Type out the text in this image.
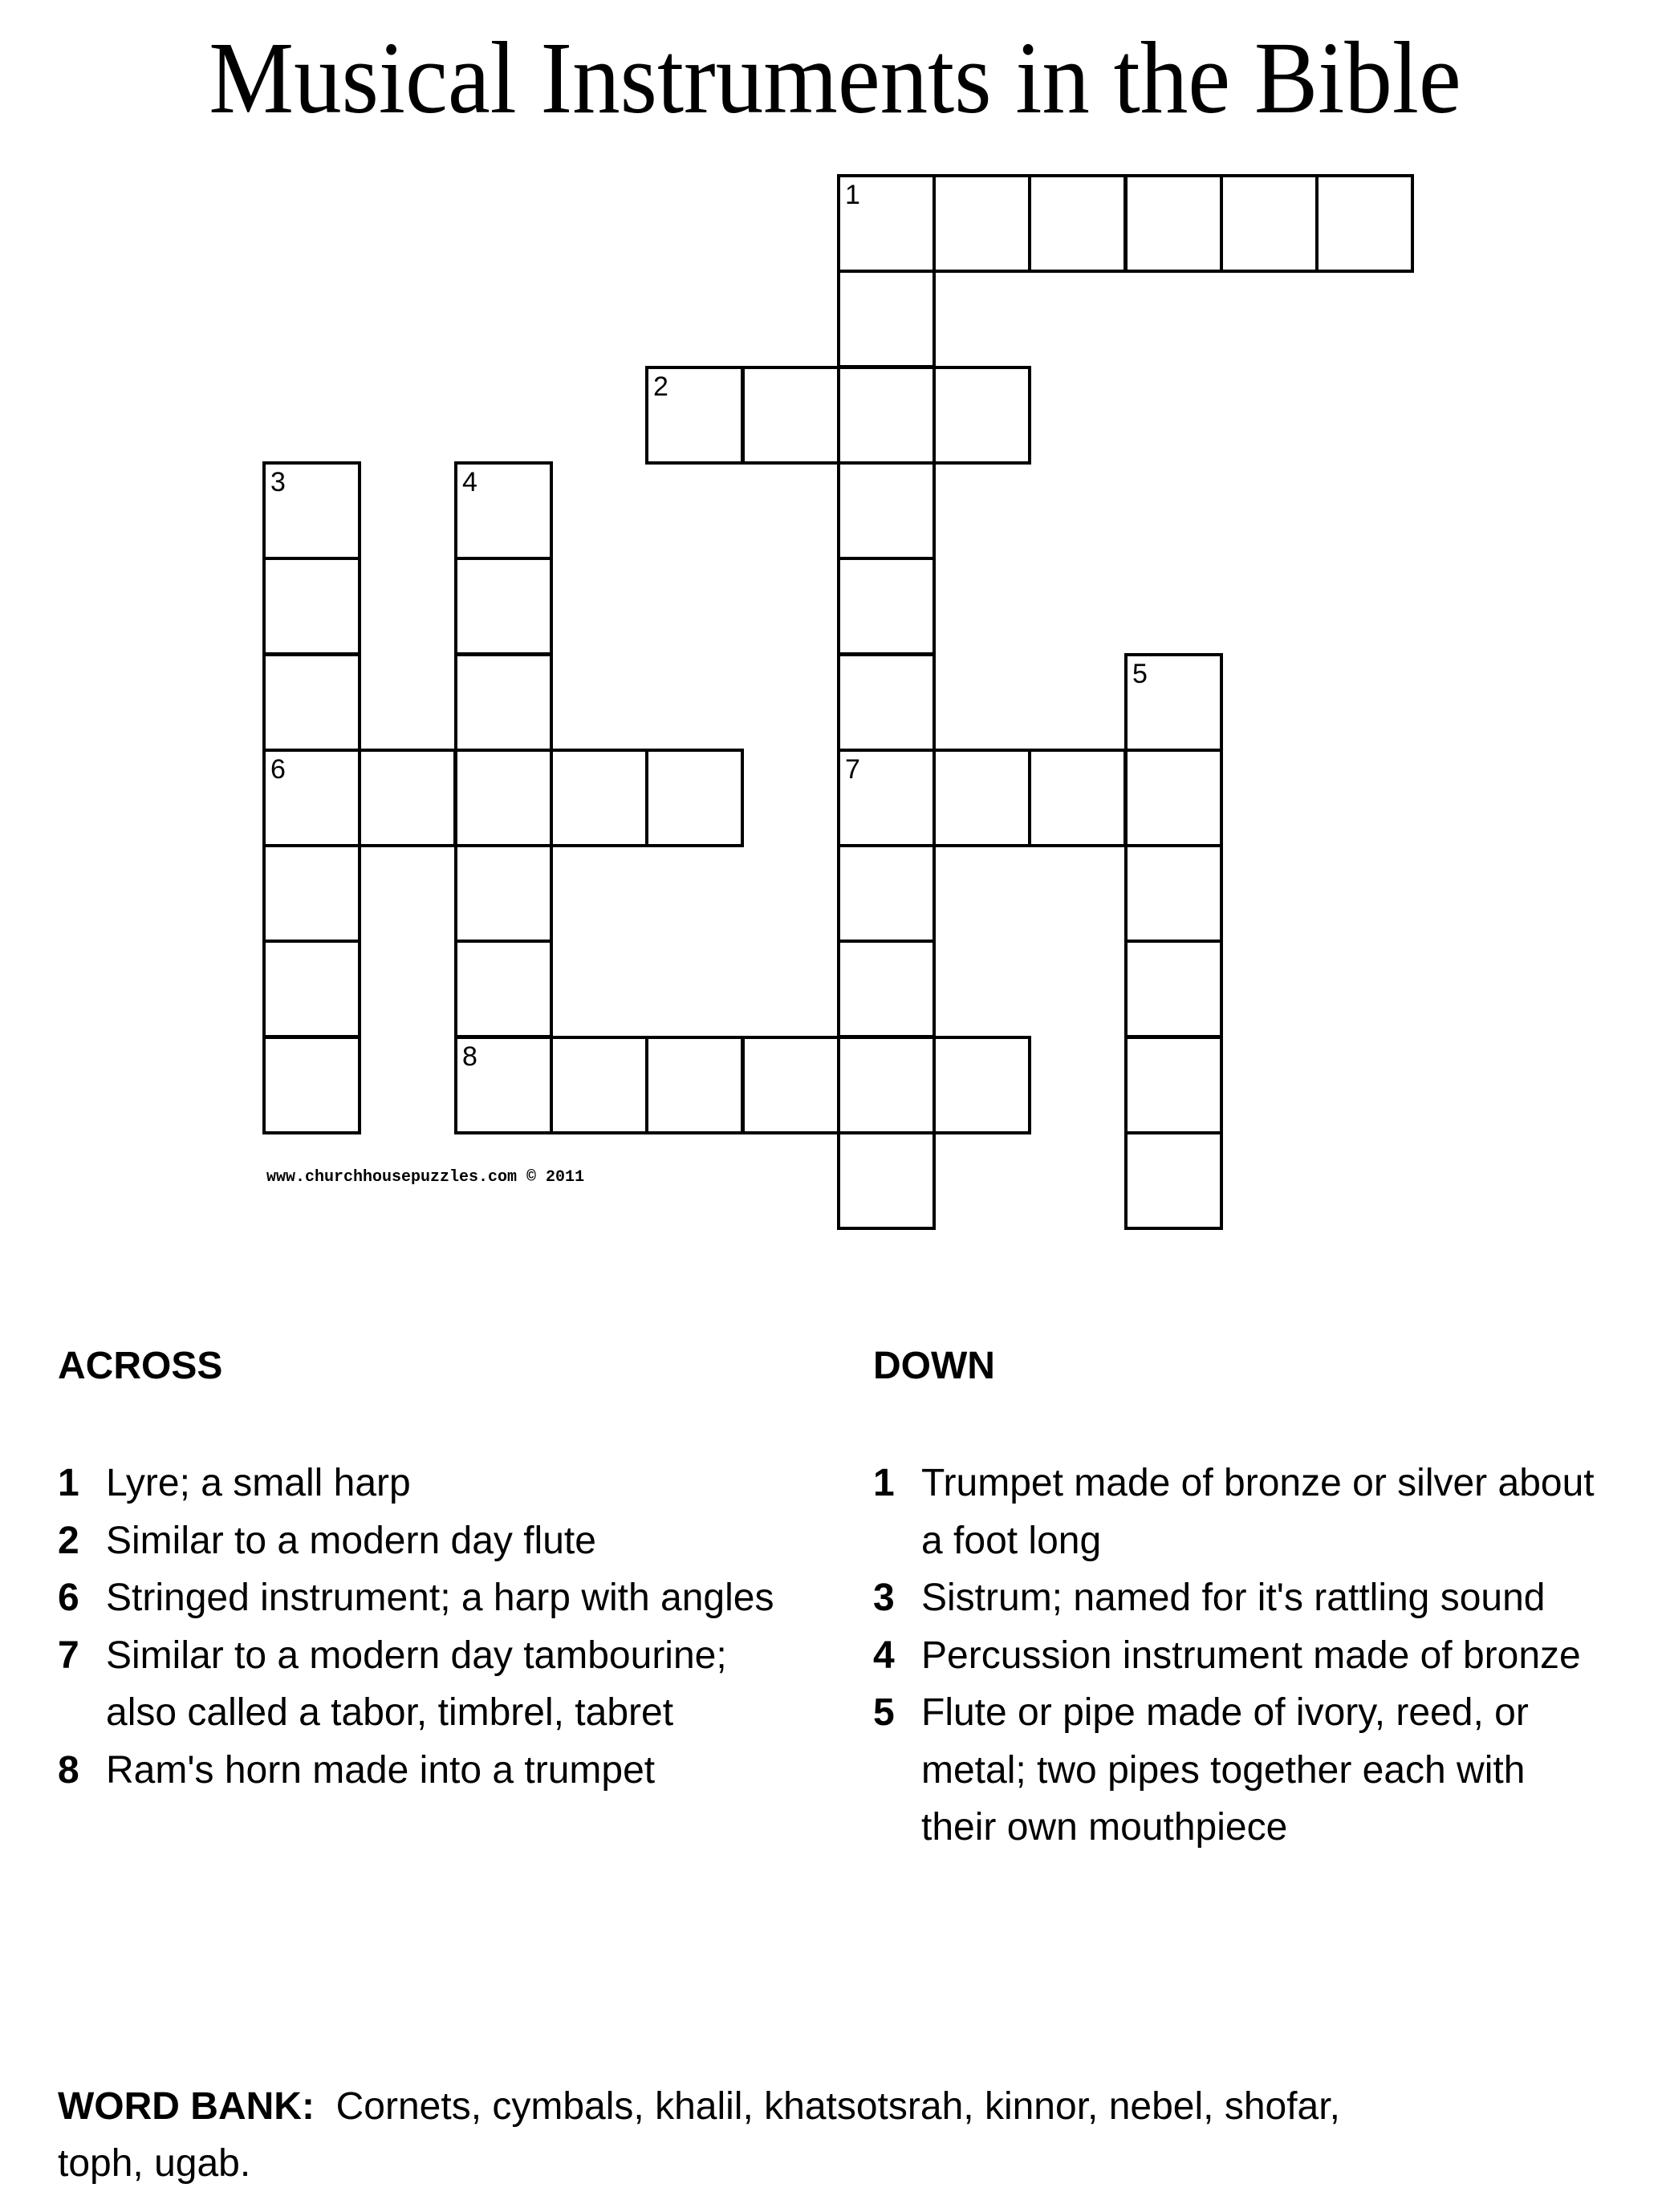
Musical Instruments in the Bible
1
2
3	4
5
6	7
8
www.churchhousepuzzles.com © 2011
ACROSS
1 Lyre; a small harp
2 Similar to a modern day flute
6 Stringed instrument; a harp with angles
7 Similar to a modern day tambourine; also called a tabor, timbrel, tabret
8 Ram's horn made into a trumpet
DOWN
1 Trumpet made of bronze or silver about a foot long
3 Sistrum; named for it's rattling sound
4 Percussion instrument made of bronze
5 Flute or pipe made of ivory, reed, or metal; two pipes together each with their own mouthpiece
WORD BANK: Cornets, cymbals, khalil, khatsotsrah, kinnor, nebel, shofar, toph, ugab.
